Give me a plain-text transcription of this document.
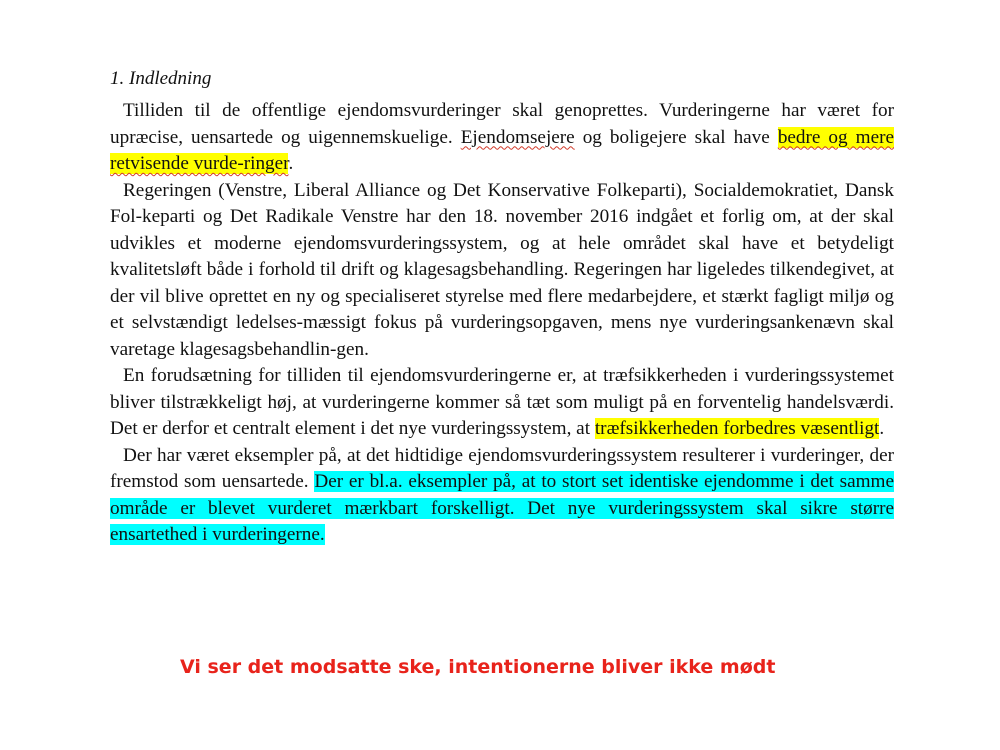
1. Indledning

Tilliden til de offentlige ejendomsvurderinger skal genoprettes. Vurderingerne har været for upræcise, uensartede og uigennemskuelige. Ejendomsejere og boligejere skal have bedre og mere retvisende vurde-ringer.

Regeringen (Venstre, Liberal Alliance og Det Konservative Folkeparti), Socialdemokratiet, Dansk Fol-keparti og Det Radikale Venstre har den 18. november 2016 indgået et forlig om, at der skal udvikles et moderne ejendomsvurderingssystem, og at hele området skal have et betydeligt kvalitetsløft både i forhold til drift og klagesagsbehandling. Regeringen har ligeledes tilkendegivet, at der vil blive oprettet en ny og specialiseret styrelse med flere medarbejdere, et stærkt fagligt miljø og et selvstændigt ledelses-mæssigt fokus på vurderingsopgaven, mens nye vurderingsankenævn skal varetage klagesagsbehandlin-gen.

En forudsætning for tilliden til ejendomsvurderingerne er, at træfsikkerheden i vurderingssystemet bliver tilstrækkeligt høj, at vurderingerne kommer så tæt som muligt på en forventelig handelsværdi. Det er derfor et centralt element i det nye vurderingssystem, at træfsikkerheden forbedres væsentligt.

Der har været eksempler på, at det hidtidige ejendomsvurderingssystem resulterer i vurderinger, der fremstod som uensartede. Der er bl.a. eksempler på, at to stort set identiske ejendomme i det samme område er blevet vurderet mærkbart forskelligt. Det nye vurderingssystem skal sikre større ensartethed i vurderingerne.

Vi ser det modsatte ske, intentionerne bliver ikke mødt
